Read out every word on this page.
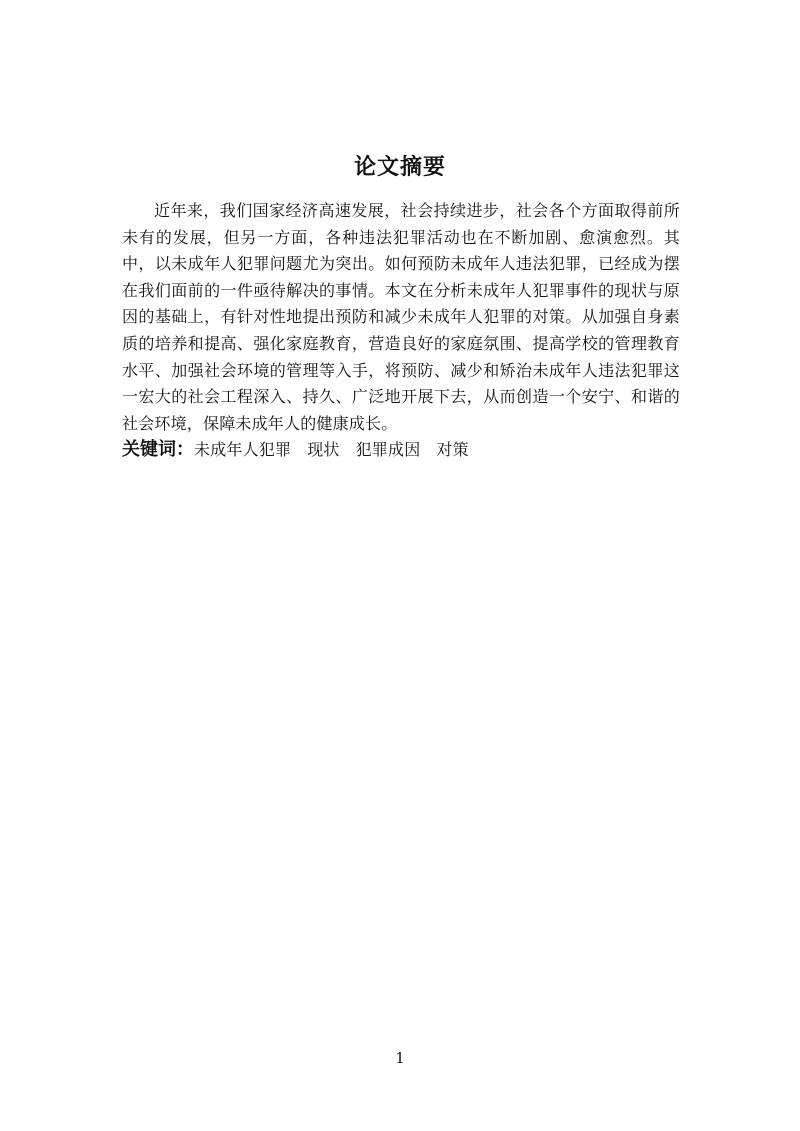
论文摘要

近年来，我们国家经济高速发展，社会持续进步，社会各个方面取得前所未有的发展，但另一方面，各种违法犯罪活动也在不断加剧、愈演愈烈。其中，以未成年人犯罪问题尤为突出。如何预防未成年人违法犯罪，已经成为摆在我们面前的一件亟待解决的事情。本文在分析未成年人犯罪事件的现状与原因的基础上，有针对性地提出预防和减少未成年人犯罪的对策。从加强自身素质的培养和提高、强化家庭教育，营造良好的家庭氛围、提高学校的管理教育水平、加强社会环境的管理等入手，将预防、减少和矫治未成年人违法犯罪这一宏大的社会工程深入、持久、广泛地开展下去，从而创造一个安宁、和谐的社会环境，保障未成年人的健康成长。

关键词：未成年人犯罪 现状 犯罪成因 对策
1
